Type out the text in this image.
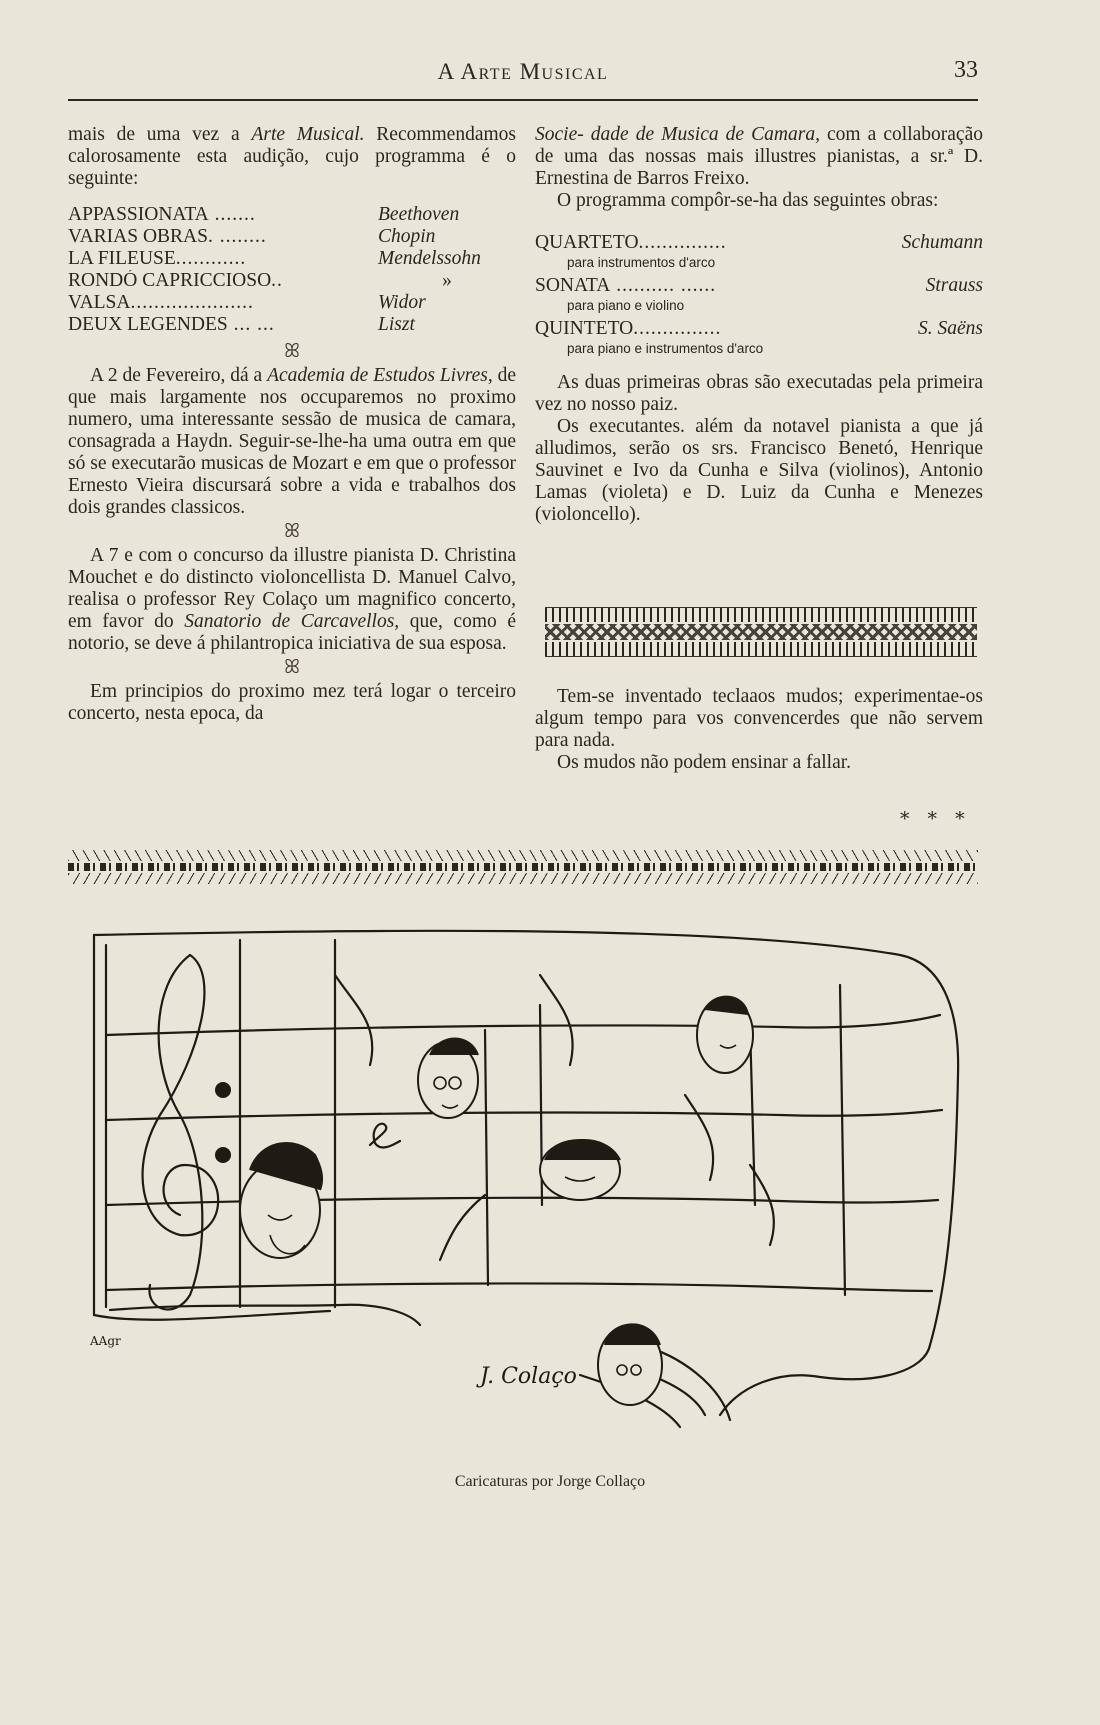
A Arte Musical	33

mais de uma vez a Arte Musical. Recommendamos calorosamente esta audição, cujo programma é o seguinte:

APPASSIONATA .......	Beethoven
VARIAS OBRAS. ........	Chopin
LA FILEUSE............	Mendelssohn
RONDÓ CAPRICCIOSO..	»
VALSA.....................	Widor
DEUX LEGENDES ... ...	Liszt
ꕤ

A 2 de Fevereiro, dá a Academia de Estudos Livres, de que mais largamente nos occuparemos no proximo numero, uma interessante sessão de musica de camara, consagrada a Haydn. Seguir-se-lhe-ha uma outra em que só se executarão musicas de Mozart e em que o professor Ernesto Vieira discursará sobre a vida e trabalhos dos dois grandes classicos.

ꕤ

A 7 e com o concurso da illustre pianista D. Christina Mouchet e do distincto violoncellista D. Manuel Calvo, realisa o professor Rey Colaço um magnifico concerto, em favor do Sanatorio de Carcavellos, que, como é notorio, se deve á philantropica iniciativa de sua esposa.

ꕤ

Em principios do proximo mez terá logar o terceiro concerto, nesta epoca, da

Socie- dade de Musica de Camara, com a collaboração de uma das nossas mais illustres pianistas, a sr.ª D. Ernestina de Barros Freixo.

O programma compôr-se-ha das seguintes obras:

QUARTETO...............	Schumann
para instrumentos d'arco
SONATA .......... ......	Strauss
para piano e violino
QUINTETO...............	S. Saëns
para piano e instrumentos d'arco

As duas primeiras obras são executadas pela primeira vez no nosso paiz.

Os executantes. além da notavel pianista a que já alludimos, serão os srs. Francisco Benetó, Henrique Sauvinet e Ivo da Cunha e Silva (violinos), Antonio Lamas (violeta) e D. Luiz da Cunha e Menezes (violoncello).

Tem-se inventado teclaaos mudos; experimentae-os algum tempo para vos convencerdes que não servem para nada.

Os mudos não podem ensinar a fallar.

* * *
J. Colaço
AAgr
Caricaturas por Jorge Collaço
